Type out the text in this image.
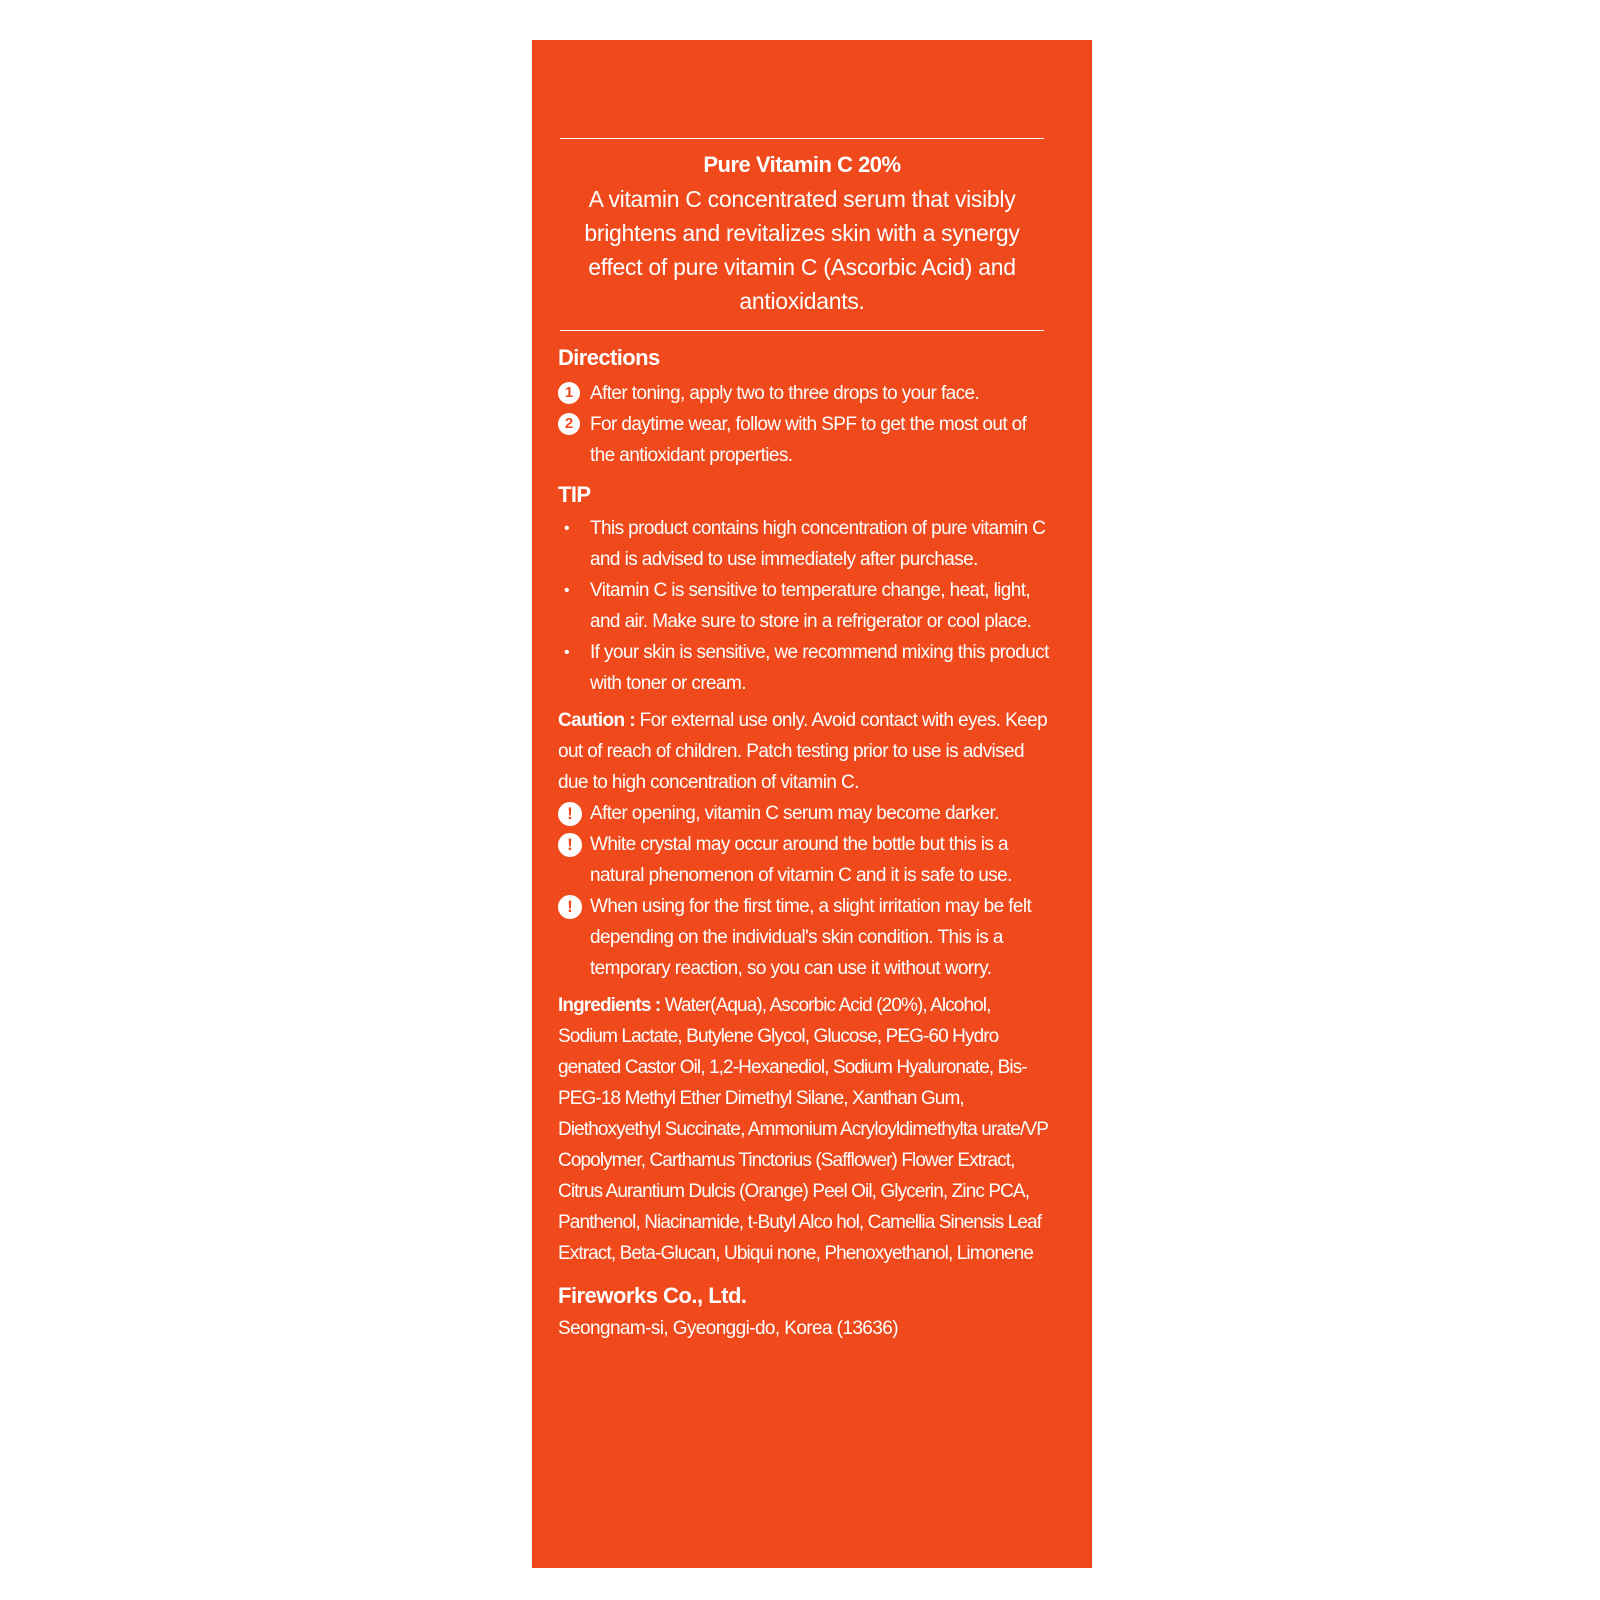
Pure Vitamin C 20%
A vitamin C concentrated serum that visibly brightens and revitalizes skin with a synergy effect of pure vitamin C (Ascorbic Acid) and antioxidants.
Directions
1 After toning, apply two to three drops to your face.
2 For daytime wear, follow with SPF to get the most out of the antioxidant properties.
TIP
•	This product contains high concentration of pure vitamin C and is advised to use immediately after purchase.
•	Vitamin C is sensitive to temperature change, heat, light, and air. Make sure to store in a refrigerator or cool place.
•	If your skin is sensitive, we recommend mixing this product with toner or cream.
Caution : For external use only. Avoid contact with eyes. Keep out of reach of children. Patch testing prior to use is advised due to high concentration of vitamin C.
! After opening, vitamin C serum may become darker.
! White crystal may occur around the bottle but this is a natural phenomenon of vitamin C and it is safe to use.
! When using for the first time, a slight irritation may be felt depending on the individual's skin condition. This is a temporary reaction, so you can use it without worry.
Ingredients : Water(Aqua), Ascorbic Acid (20%), Alcohol, Sodium Lactate, Butylene Glycol, Glucose, PEG-60 Hydro genated Castor Oil, 1,2-Hexanediol, Sodium Hyaluronate, Bis-PEG-18 Methyl Ether Dimethyl Silane, Xanthan Gum, Diethoxyethyl Succinate, Ammonium Acryloyldimethylta urate/VP Copolymer, Carthamus Tinctorius (Safflower) Flower Extract, Citrus Aurantium Dulcis (Orange) Peel Oil, Glycerin, Zinc PCA, Panthenol, Niacinamide, t-Butyl Alco hol, Camellia Sinensis Leaf Extract, Beta-Glucan, Ubiqui none, Phenoxyethanol, Limonene
Fireworks Co., Ltd.
Seongnam-si, Gyeonggi-do, Korea (13636)
